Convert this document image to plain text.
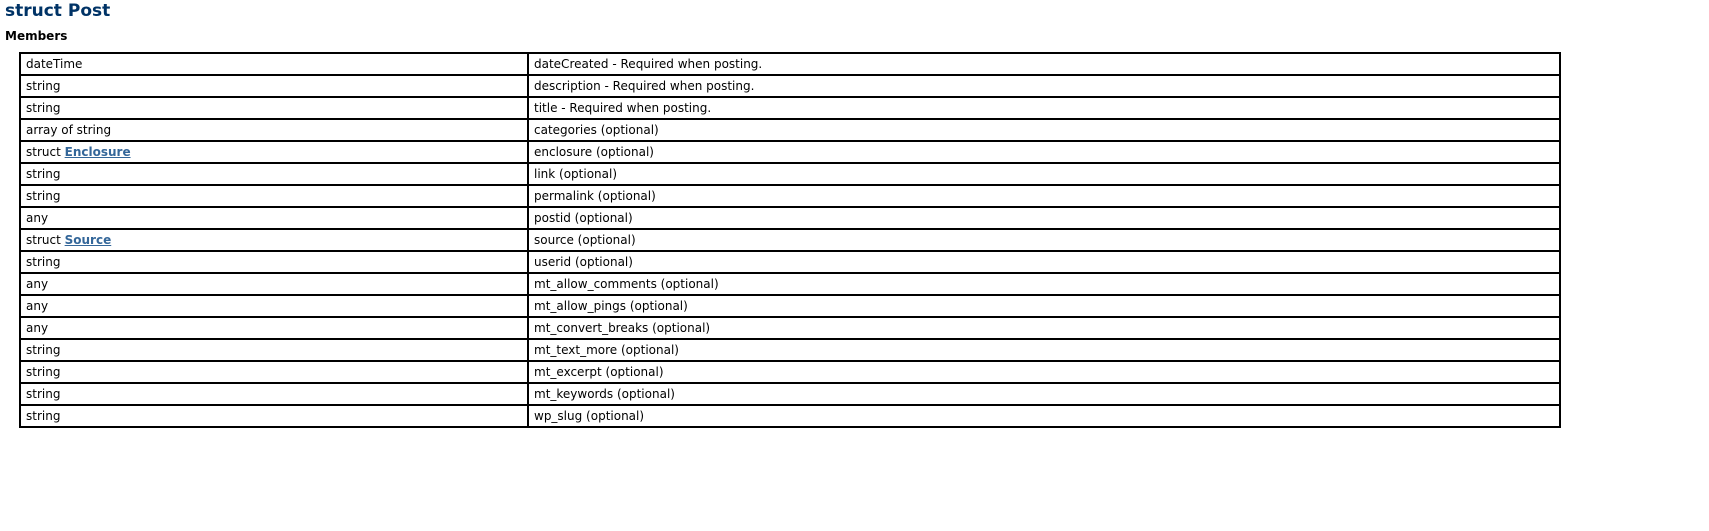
struct Post
Members
dateTime	dateCreated - Required when posting.
string	description - Required when posting.
string	title - Required when posting.
array of string	categories (optional)
struct Enclosure	enclosure (optional)
string	link (optional)
string	permalink (optional)
any	postid (optional)
struct Source	source (optional)
string	userid (optional)
any	mt_allow_comments (optional)
any	mt_allow_pings (optional)
any	mt_convert_breaks (optional)
string	mt_text_more (optional)
string	mt_excerpt (optional)
string	mt_keywords (optional)
string	wp_slug (optional)
